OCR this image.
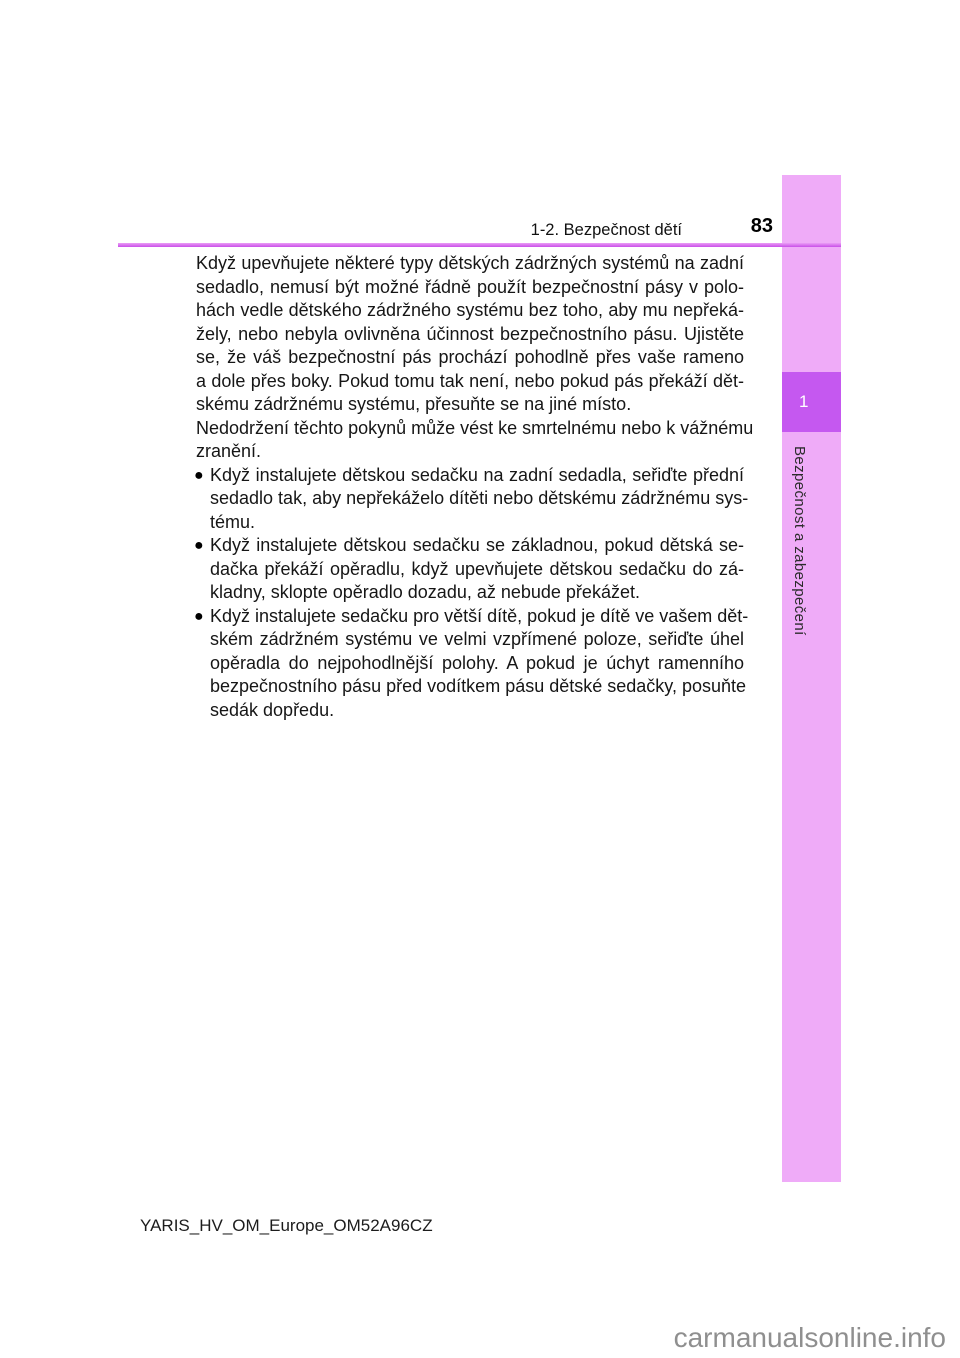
1
Bezpečnost a zabezpečení
1-2. Bezpečnost dětí	83
Když upevňujete některé typy dětských zádržných systémů na zadní
sedadlo, nemusí být možné řádně použít bezpečnostní pásy v polo-
hách vedle dětského zádržného systému bez toho, aby mu nepřeká-
žely, nebo nebyla ovlivněna účinnost bezpečnostního pásu. Ujistěte
se, že váš bezpečnostní pás prochází pohodlně přes vaše rameno
a dole přes boky. Pokud tomu tak není, nebo pokud pás překáží dět-
skému zádržnému systému, přesuňte se na jiné místo.
Nedodržení těchto pokynů může vést ke smrtelnému nebo k vážnému
zranění.
● Když instalujete dětskou sedačku na zadní sedadla, seřiďte přední
sedadlo tak, aby nepřekáželo dítěti nebo dětskému zádržnému sys-
tému.
● Když instalujete dětskou sedačku se základnou, pokud dětská se-
dačka překáží opěradlu, když upevňujete dětskou sedačku do zá-
kladny, sklopte opěradlo dozadu, až nebude překážet.
● Když instalujete sedačku pro větší dítě, pokud je dítě ve vašem dět-
ském zádržném systému ve velmi vzpřímené poloze, seřiďte úhel
opěradla do nejpohodlnější polohy. A pokud je úchyt ramenního
bezpečnostního pásu před vodítkem pásu dětské sedačky, posuňte
sedák dopředu.
YARIS_HV_OM_Europe_OM52A96CZ
carmanualsonline.info
